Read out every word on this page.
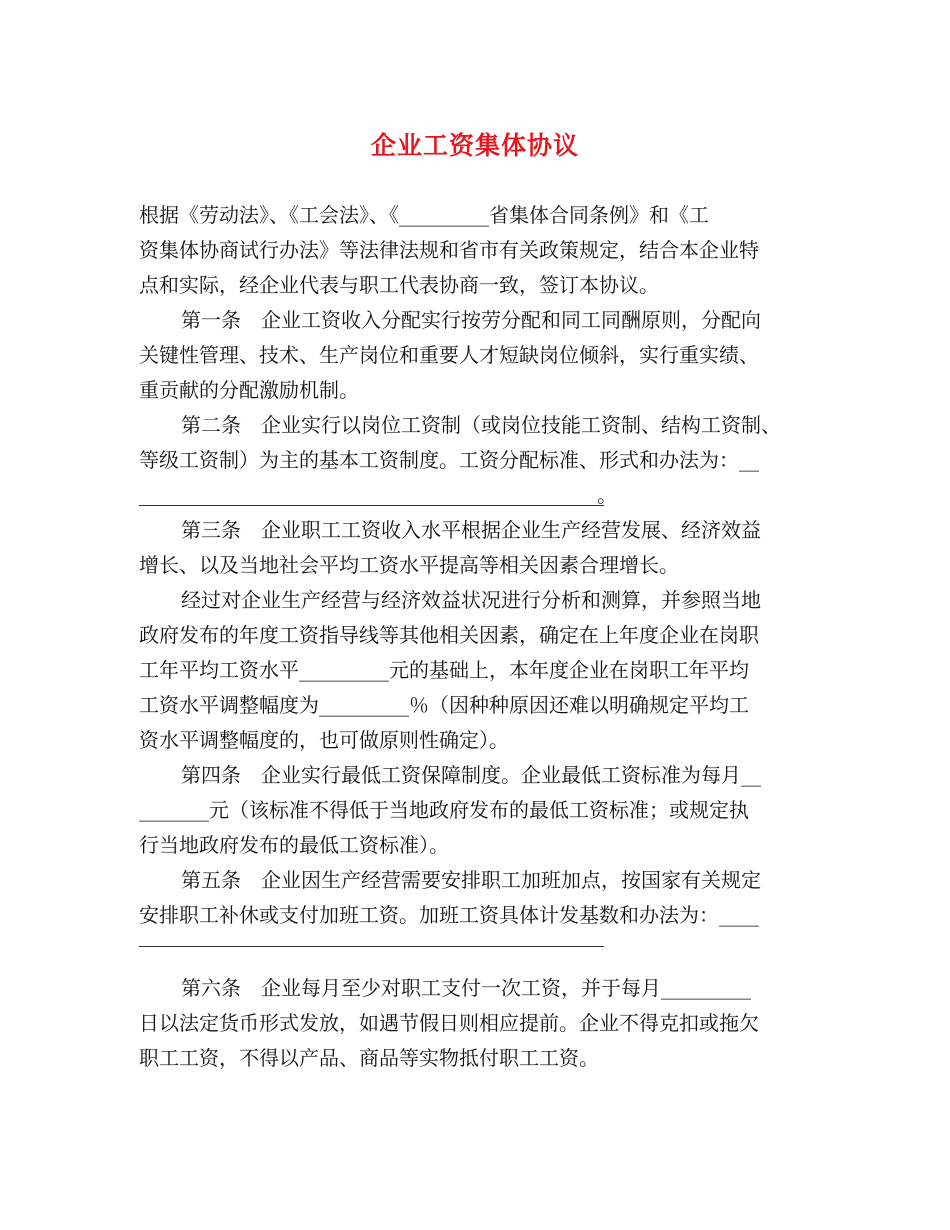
企业工资集体协议
根据《劳动法》、《工会法》、《_________省集体合同条例》和《工
资集体协商试行办法》等法律法规和省市有关政策规定，结合本企业特
点和实际，经企业代表与职工代表协商一致，签订本协议。
第一条　企业工资收入分配实行按劳分配和同工同酬原则，分配向
关键性管理、技术、生产岗位和重要人才短缺岗位倾斜，实行重实绩、
重贡献的分配激励机制。
第二条　企业实行以岗位工资制（或岗位技能工资制、结构工资制、
等级工资制）为主的基本工资制度。工资分配标准、形式和办法为：__
。
第三条　企业职工工资收入水平根据企业生产经营发展、经济效益
增长、以及当地社会平均工资水平提高等相关因素合理增长。
经过对企业生产经营与经济效益状况进行分析和测算，并参照当地
政府发布的年度工资指导线等其他相关因素，确定在上年度企业在岗职
工年平均工资水平_________元的基础上，本年度企业在岗职工年平均
工资水平调整幅度为_________％（因种种原因还难以明确规定平均工
资水平调整幅度的，也可做原则性确定）。
第四条　企业实行最低工资保障制度。企业最低工资标准为每月__
_______元（该标准不得低于当地政府发布的最低工资标准；或规定执
行当地政府发布的最低工资标准）。
第五条　企业因生产经营需要安排职工加班加点，按国家有关规定
安排职工补休或支付加班工资。加班工资具体计发基数和办法为：____
第六条　企业每月至少对职工支付一次工资，并于每月_________
日以法定货币形式发放，如遇节假日则相应提前。企业不得克扣或拖欠
职工工资，不得以产品、商品等实物抵付职工工资。
